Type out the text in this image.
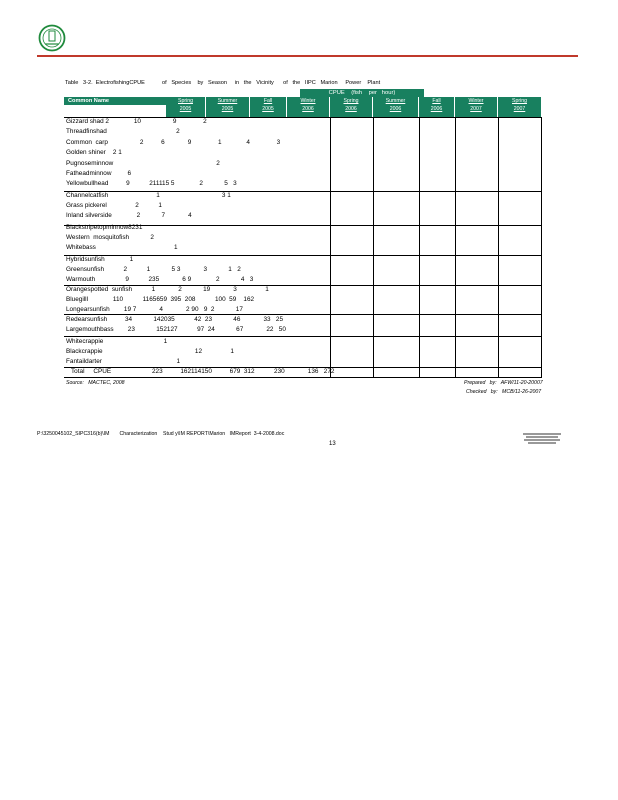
Table   3-2.  ElectrofishingCPUE           of   Species    by   Season     in   the   Vicinity      of   the   IIPC   Marion     Power    Plant
CPUE    (fish    per   hour)
Common Name	Spring
2005
Summer
2005
Fall
2005
Winter
2006
Spring
2006
Summer
2006
Fall
2006
Winter
2007
Spring
2007
Gizzard shad 2              10                  9               2
Threadfinshad                                       2
Common  carp                  2          6             9               1              4               3
Golden shiner    2 1
Pugnoseminnow                                                          2
Fatheadminnow         6
Yellowbullhead          9           211115 5              2            5   3
Channelcatfish                           1                                   3 1
Grass pickerel                2           1
Inland silverside              2            7             4
Blackstripetopminnow8231
Western  mosquitofish            2
Whitebass                                            1
Hybridsunfish              1
Greensunfish           2           1            5 3             3            1   2
Warmouth                 9           235             6 9              2            4   3
Orangespotted  sunfish           1             2            19             3                1
Bluegilll              110           1165659  395  208           100  59    162
Longearsunfish        19 7             4             2 90   9  2            17
Redearsunfish          34            142035           42  23            46             33   25
Largemouthbass        23            152127           97  24            67             22   50
Whitecrappie                                  1
Blackcrappie                                                    12                1
Fantaildarter                                          1
Total     CPUE                       223          162114150          679  312           230             136   272
Source:   MACTEC, 2008	Prepared   by:   AFW/11-20-20007
Checked   by:   MCB/11-26-2007
P:\3250045102_SIPC316(b)\IM       Characterization    Stud y\IM REPORT\Marion   IMReport  3-4-2008.doc
13
